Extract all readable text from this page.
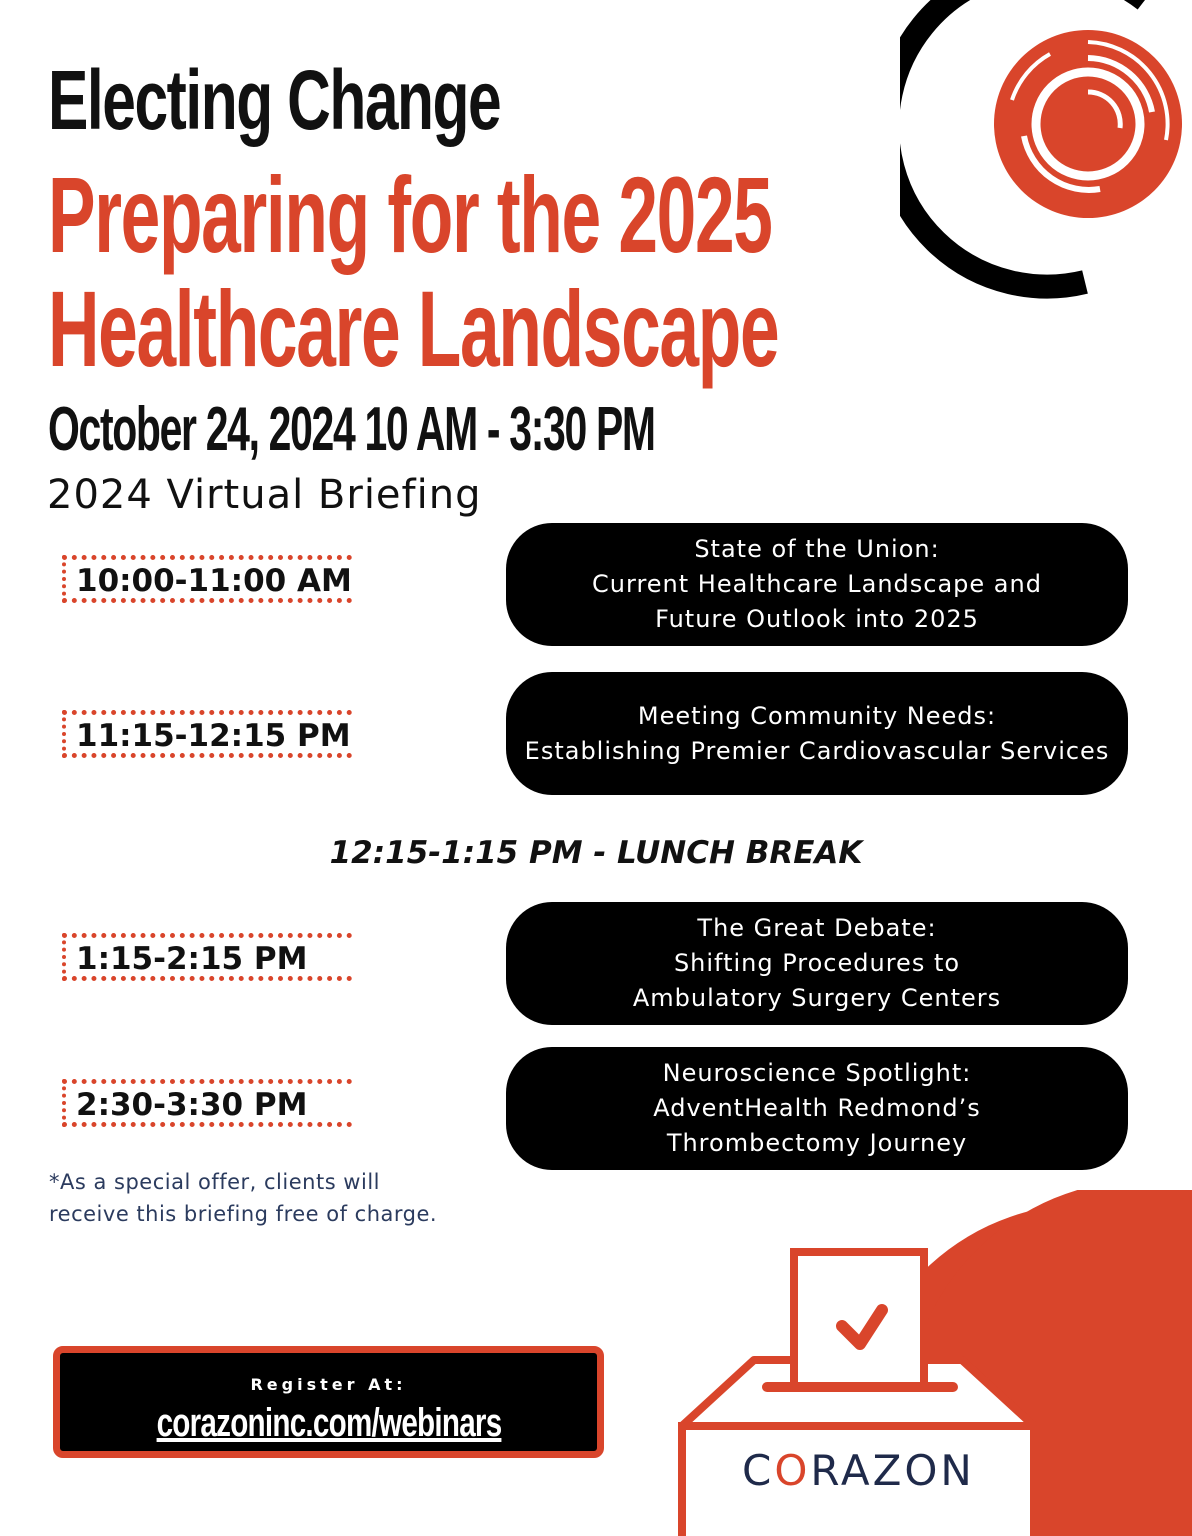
Electing Change
Preparing for the 2025
Healthcare Landscape
October 24, 2024 10 AM - 3:30 PM
2024 Virtual Briefing
10:00-11:00 AM
State of the Union:
Current Healthcare Landscape and
Future Outlook into 2025
11:15-12:15 PM
Meeting Community Needs:
Establishing Premier Cardiovascular Services
12:15-1:15 PM - LUNCH BREAK
1:15-2:15 PM
The Great Debate:
Shifting Procedures to
Ambulatory Surgery Centers
2:30-3:30 PM
Neuroscience Spotlight:
AdventHealth Redmond’s
Thrombectomy Journey
*As a special offer, clients will
receive this briefing free of charge.
Register At:
corazoninc.com/webinars
CORAZON
